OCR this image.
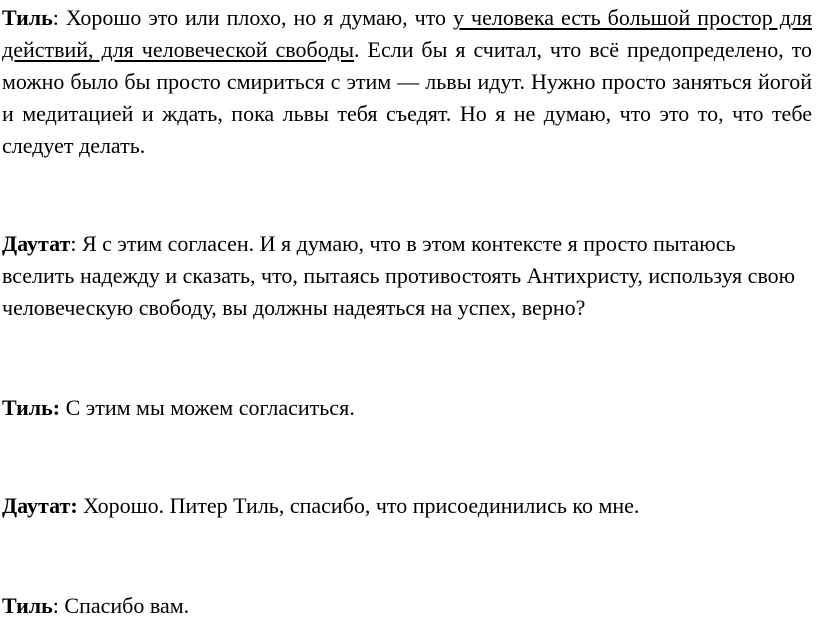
Тиль: Хорошо это или плохо, но я думаю, что у человека есть большой простор для действий, для человеческой свободы. Если бы я считал, что всё предопределено, то можно было бы просто смириться с этим — львы идут. Нужно просто заняться йогой и медитацией и ждать, пока львы тебя съедят. Но я не думаю, что это то, что тебе следует делать.

Даутат: Я с этим согласен. И я думаю, что в этом контексте я просто пытаюсь вселить надежду и сказать, что, пытаясь противостоять Антихристу, используя свою человеческую свободу, вы должны надеяться на успех, верно?

Тиль: С этим мы можем согласиться.

Даутат: Хорошо. Питер Тиль, спасибо, что присоединились ко мне.

Тиль: Спасибо вам.
